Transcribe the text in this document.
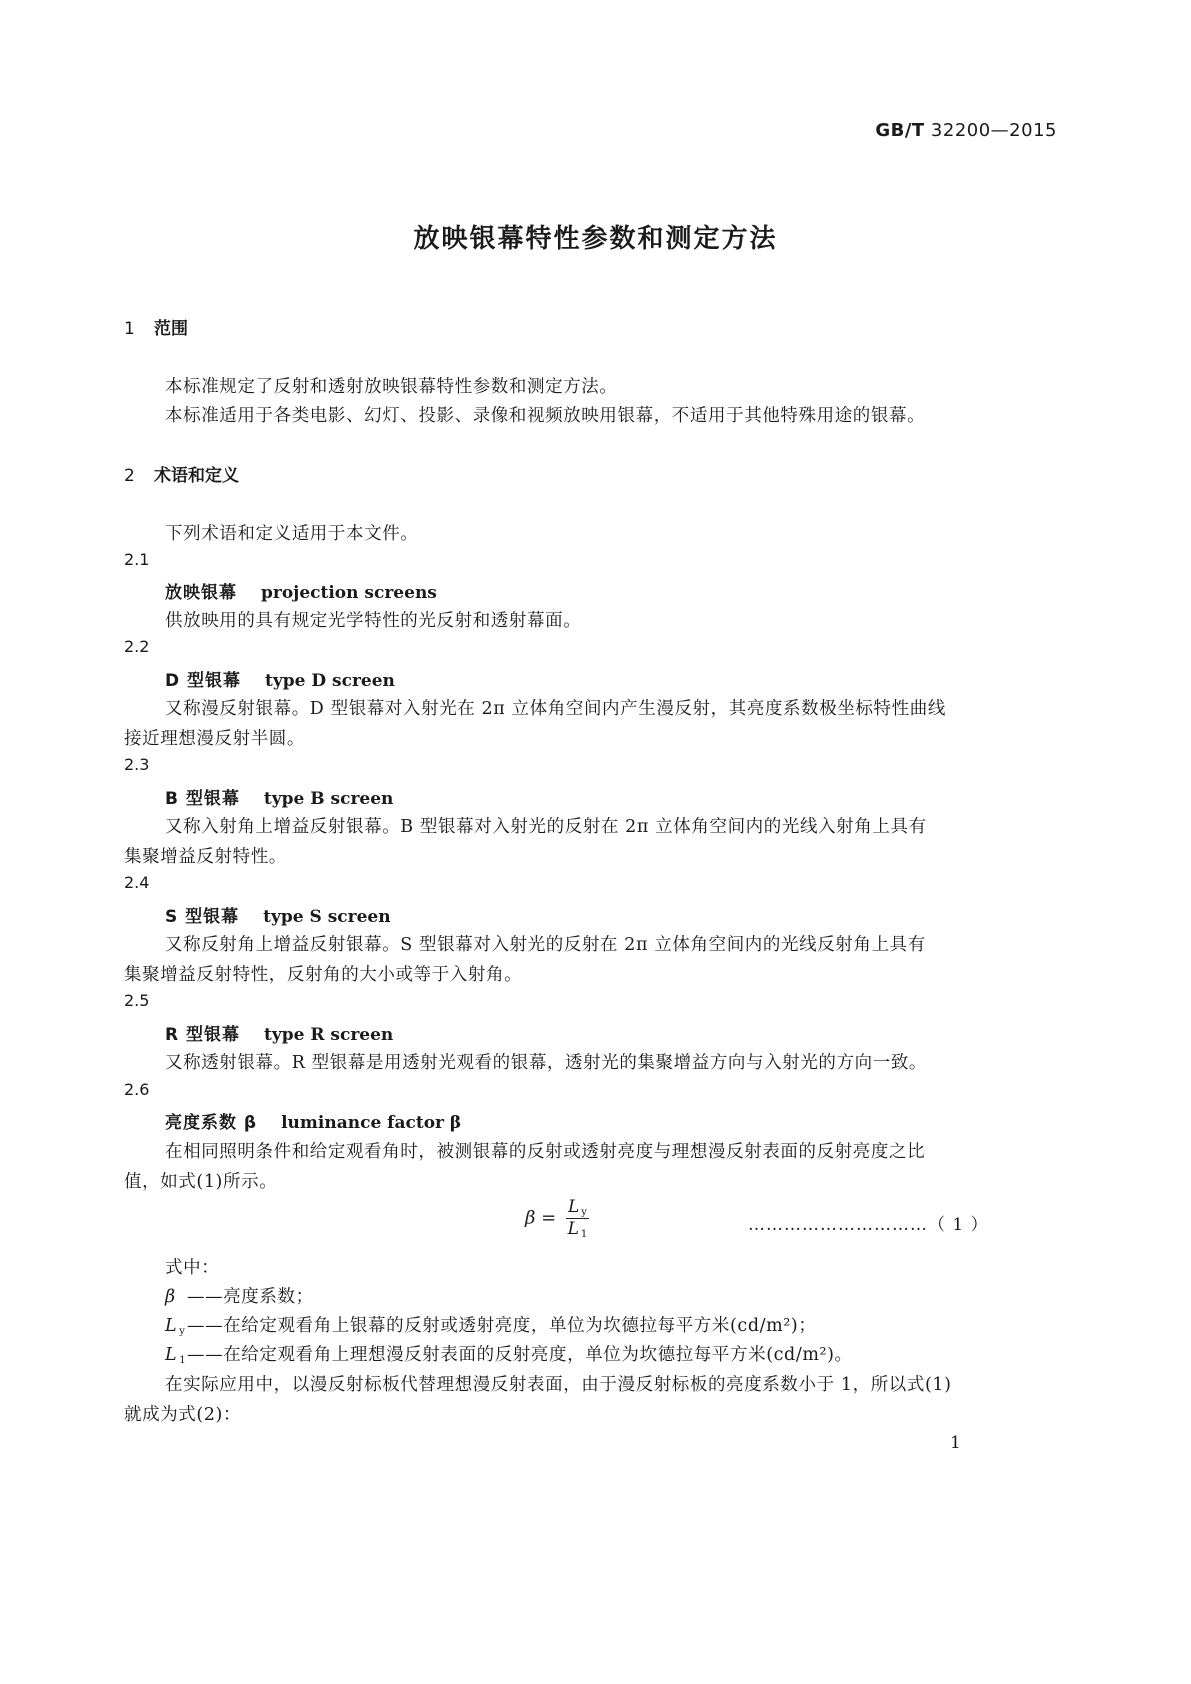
GB/T 32200—2015
放映银幕特性参数和测定方法
1 范围
本标准规定了反射和透射放映银幕特性参数和测定方法。
本标准适用于各类电影、幻灯、投影、录像和视频放映用银幕，不适用于其他特殊用途的银幕。
2 术语和定义
下列术语和定义适用于本文件。
2.1
放映银幕 projection screens
供放映用的具有规定光学特性的光反射和透射幕面。
2.2
D 型银幕 type D screen
又称漫反射银幕。D 型银幕对入射光在 2π 立体角空间内产生漫反射，其亮度系数极坐标特性曲线
接近理想漫反射半圆。
2.3
B 型银幕 type B screen
又称入射角上增益反射银幕。B 型银幕对入射光的反射在 2π 立体角空间内的光线入射角上具有
集聚增益反射特性。
2.4
S 型银幕 type S screen
又称反射角上增益反射银幕。S 型银幕对入射光的反射在 2π 立体角空间内的光线反射角上具有
集聚增益反射特性，反射角的大小或等于入射角。
2.5
R 型银幕 type R screen
又称透射银幕。R 型银幕是用透射光观看的银幕，透射光的集聚增益方向与入射光的方向一致。
2.6
亮度系数 β luminance factor β
在相同照明条件和给定观看角时，被测银幕的反射或透射亮度与理想漫反射表面的反射亮度之比
值，如式(1)所示。
$\beta = \frac{L _y}{L _1}$	…………………………（ 1 ）
式中：
β ——亮度系数；
L $_y$——在给定观看角上银幕的反射或透射亮度，单位为坎德拉每平方米(cd/m²)；
L $_1$——在给定观看角上理想漫反射表面的反射亮度，单位为坎德拉每平方米(cd/m²)。
在实际应用中，以漫反射标板代替理想漫反射表面，由于漫反射标板的亮度系数小于 1，所以式(1)
就成为式(2)：
1
